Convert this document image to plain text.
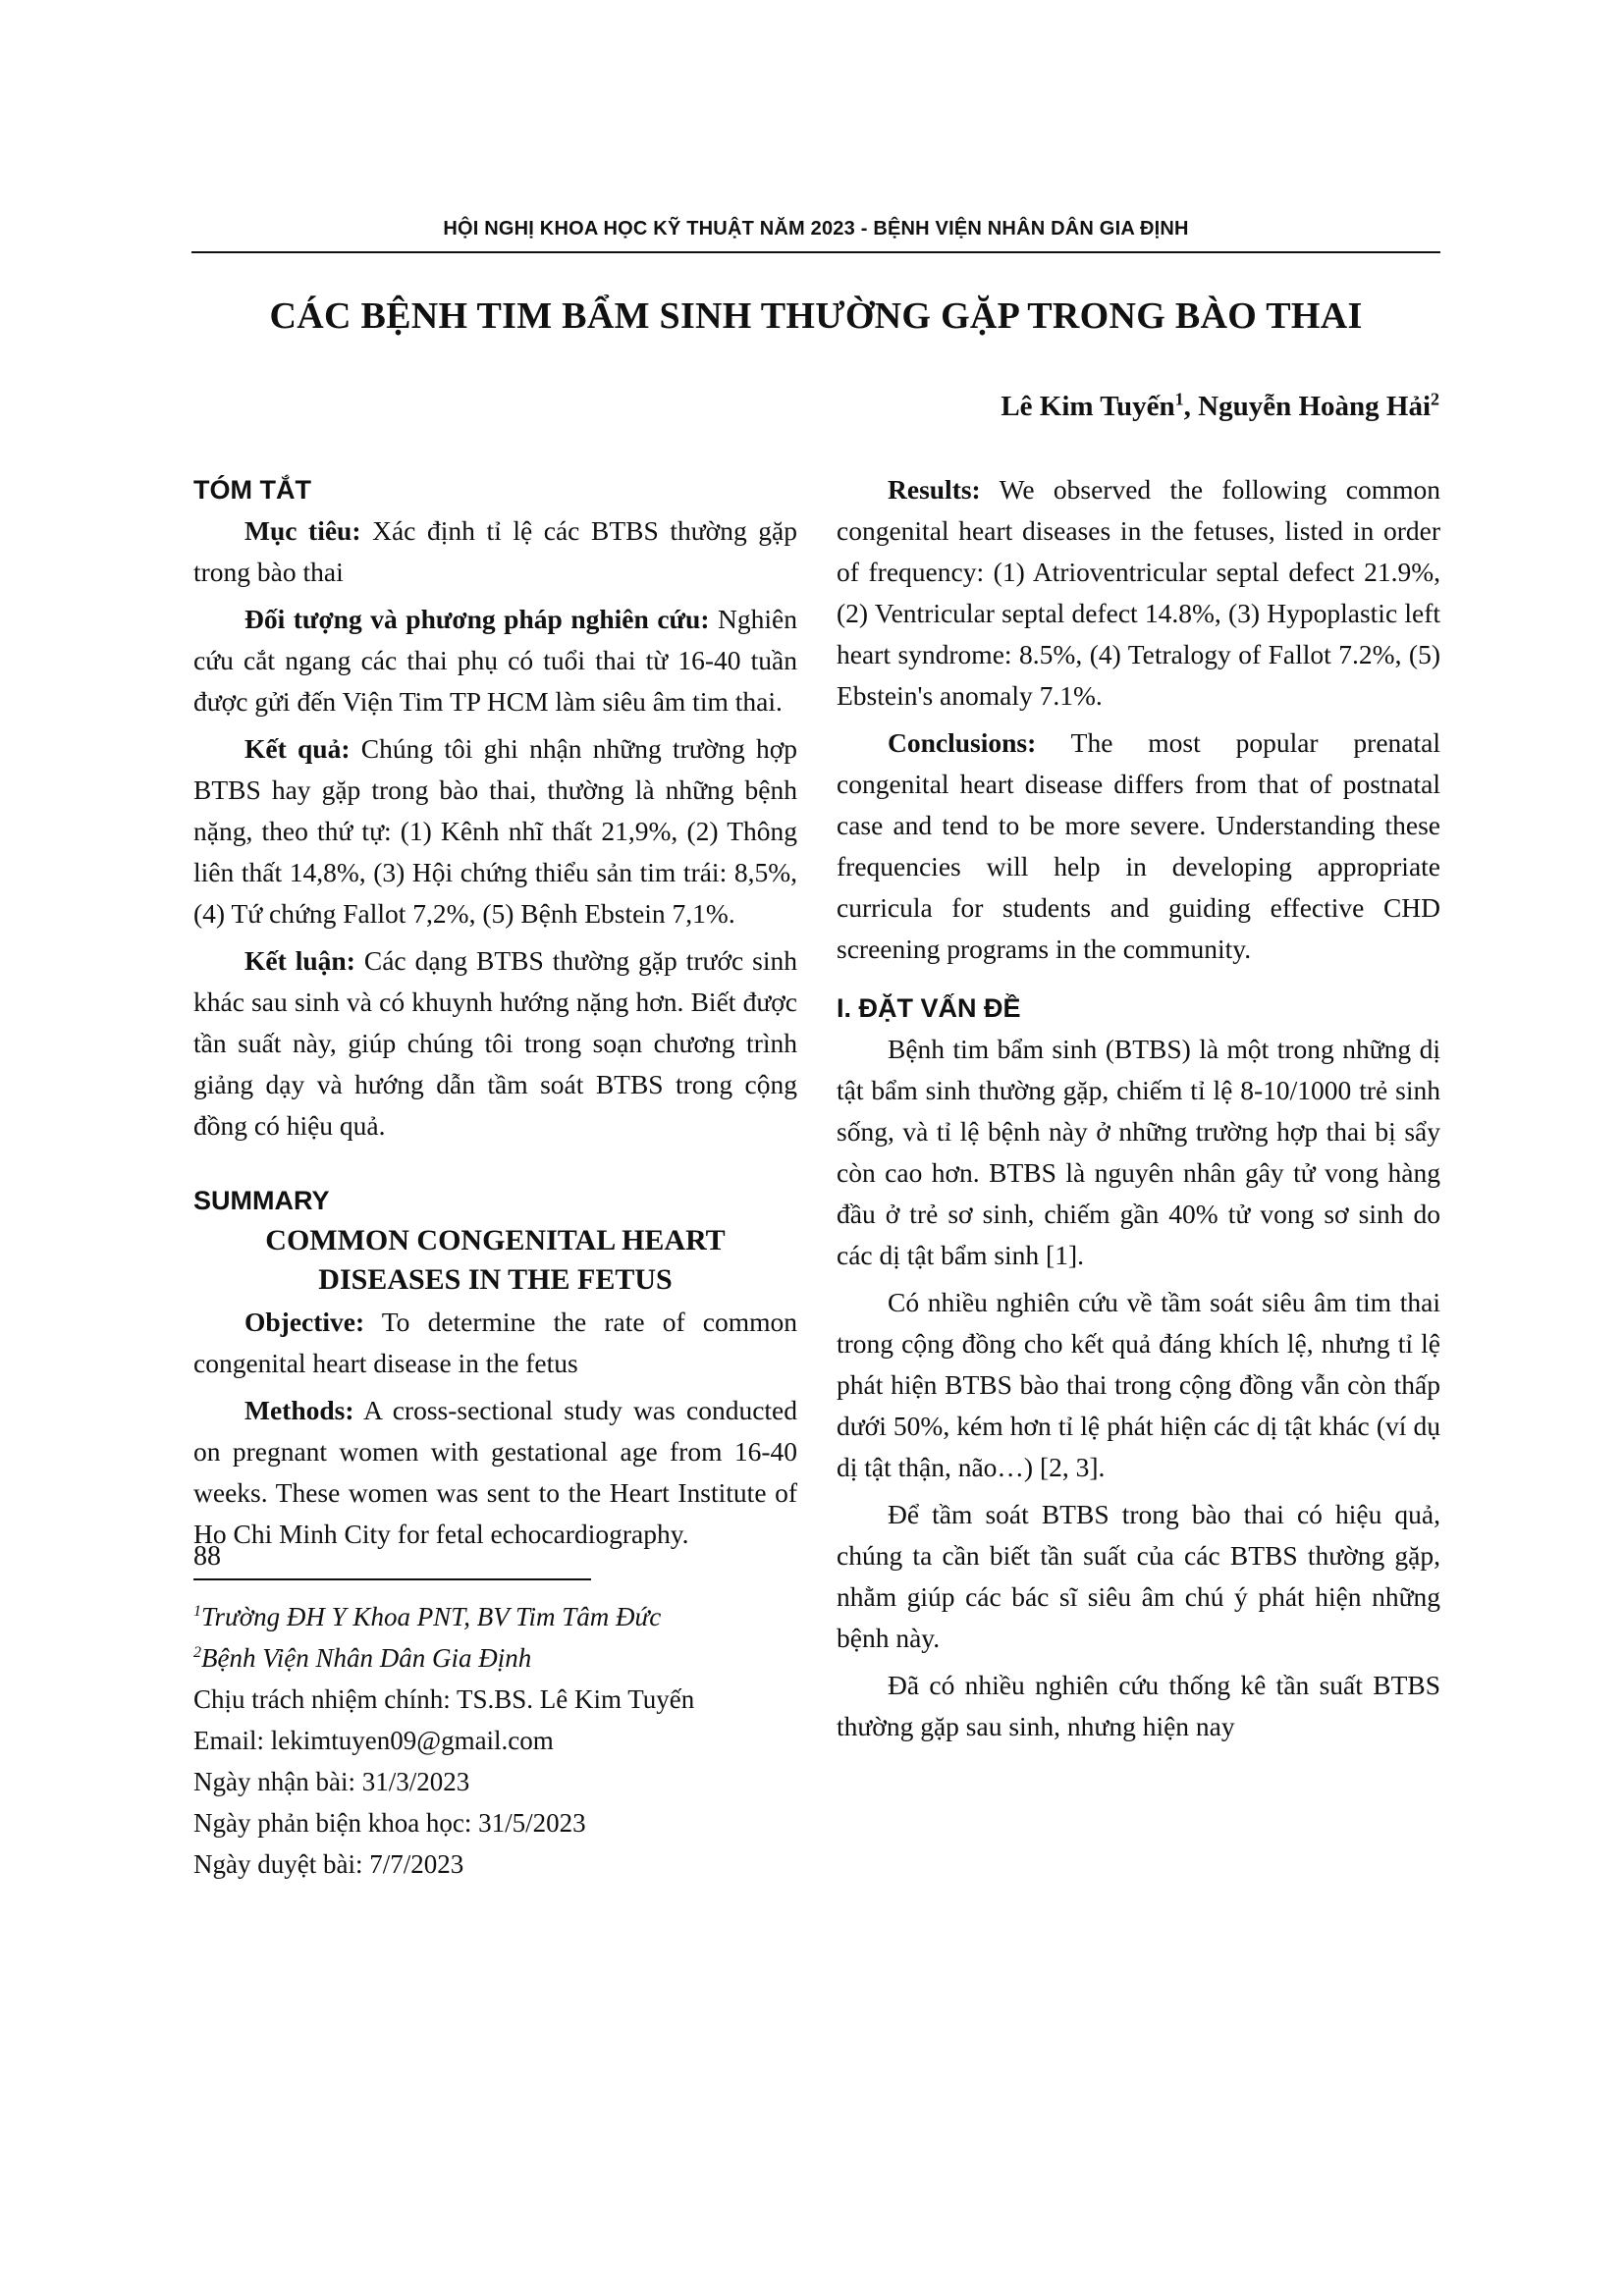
HỘI NGHỊ KHOA HỌC KỸ THUẬT NĂM 2023 - BỆNH VIỆN NHÂN DÂN GIA ĐỊNH
CÁC BỆNH TIM BẨM SINH THƯỜNG GẶP TRONG BÀO THAI
Lê Kim Tuyến$^1$, Nguyễn Hoàng Hải$^2$
TÓM TẮT

Mục tiêu: Xác định tỉ lệ các BTBS thường gặp trong bào thai

Đối tượng và phương pháp nghiên cứu: Nghiên cứu cắt ngang các thai phụ có tuổi thai từ 16-40 tuần được gửi đến Viện Tim TP HCM làm siêu âm tim thai.

Kết quả: Chúng tôi ghi nhận những trường hợp BTBS hay gặp trong bào thai, thường là những bệnh nặng, theo thứ tự: (1) Kênh nhĩ thất 21,9%, (2) Thông liên thất 14,8%, (3) Hội chứng thiểu sản tim trái: 8,5%, (4) Tứ chứng Fallot 7,2%, (5) Bệnh Ebstein 7,1%.

Kết luận: Các dạng BTBS thường gặp trước sinh khác sau sinh và có khuynh hướng nặng hơn. Biết được tần suất này, giúp chúng tôi trong soạn chương trình giảng dạy và hướng dẫn tầm soát BTBS trong cộng đồng có hiệu quả.

SUMMARY
COMMON CONGENITAL HEART
DISEASES IN THE FETUS

Objective: To determine the rate of common congenital heart disease in the fetus

Methods: A cross-sectional study was conducted on pregnant women with gestational age from 16-40 weeks. These women was sent to the Heart Institute of Ho Chi Minh City for fetal echocardiography.

$^1$Trường ĐH Y Khoa PNT, BV Tim Tâm Đức

$^2$Bệnh Viện Nhân Dân Gia Định

Chịu trách nhiệm chính: TS.BS. Lê Kim Tuyến

Email: lekimtuyen09@gmail.com

Ngày nhận bài: 31/3/2023

Ngày phản biện khoa học: 31/5/2023

Ngày duyệt bài: 7/7/2023

Results: We observed the following common congenital heart diseases in the fetuses, listed in order of frequency: (1) Atrioventricular septal defect 21.9%, (2) Ventricular septal defect 14.8%, (3) Hypoplastic left heart syndrome: 8.5%, (4) Tetralogy of Fallot 7.2%, (5) Ebstein's anomaly 7.1%.

Conclusions: The most popular prenatal congenital heart disease differs from that of postnatal case and tend to be more severe. Understanding these frequencies will help in developing appropriate curricula for students and guiding effective CHD screening programs in the community.

I. ĐẶT VẤN ĐỀ

Bệnh tim bẩm sinh (BTBS) là một trong những dị tật bẩm sinh thường gặp, chiếm tỉ lệ 8-10/1000 trẻ sinh sống, và tỉ lệ bệnh này ở những trường hợp thai bị sẩy còn cao hơn. BTBS là nguyên nhân gây tử vong hàng đầu ở trẻ sơ sinh, chiếm gần 40% tử vong sơ sinh do các dị tật bẩm sinh [1].

Có nhiều nghiên cứu về tầm soát siêu âm tim thai trong cộng đồng cho kết quả đáng khích lệ, nhưng tỉ lệ phát hiện BTBS bào thai trong cộng đồng vẫn còn thấp dưới 50%, kém hơn tỉ lệ phát hiện các dị tật khác (ví dụ dị tật thận, não…) [2, 3].

Để tầm soát BTBS trong bào thai có hiệu quả, chúng ta cần biết tần suất của các BTBS thường gặp, nhằm giúp các bác sĩ siêu âm chú ý phát hiện những bệnh này.

Đã có nhiều nghiên cứu thống kê tần suất BTBS thường gặp sau sinh, nhưng hiện nay

88
